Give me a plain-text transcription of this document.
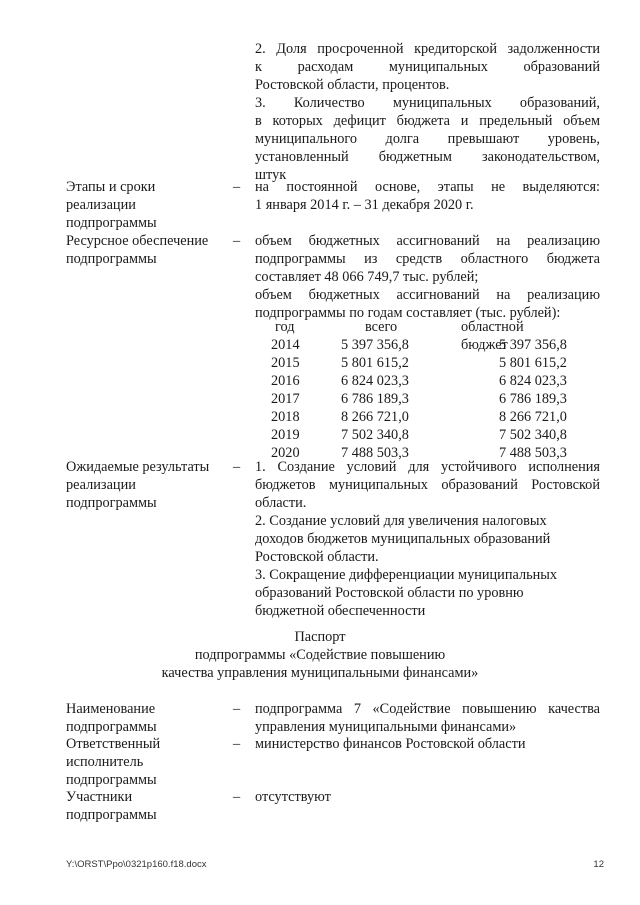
2. Доля просроченной кредиторской задолженности
к расходам муниципальных образований
Ростовской области, процентов.
3. Количество муниципальных образований,
в которых дефицит бюджета и предельный объем
муниципального долга превышают уровень,
установленный бюджетным законодательством,
штук
Этапы и сроки
реализации
подпрограммы
–	на постоянной основе, этапы не выделяются:
1 января 2014 г. – 31 декабря 2020 г.
Ресурсное обеспечение
подпрограммы
–	объем бюджетных ассигнований на реализацию
подпрограммы из средств областного бюджета
составляет 48 066 749,7 тыс. рублей;
объем бюджетных ассигнований на реализацию
подпрограммы по годам составляет (тыс. рублей):
год	всего	областной бюджет
2014	5 397 356,8	5 397 356,8
2015	5 801 615,2	5 801 615,2
2016	6 824 023,3	6 824 023,3
2017	6 786 189,3	6 786 189,3
2018	8 266 721,0	8 266 721,0
2019	7 502 340,8	7 502 340,8
2020	7 488 503,3	7 488 503,3
Ожидаемые результаты
реализации
подпрограммы
–	1. Создание условий для устойчивого исполнения
бюджетов муниципальных образований Ростовской
области.
2. Создание условий для увеличения налоговых
доходов бюджетов муниципальных образований
Ростовской области.
3. Сокращение дифференциации муниципальных
образований Ростовской области по уровню
бюджетной обеспеченности
Паспорт
подпрограммы «Содействие повышению
качества управления муниципальными финансами»
Наименование
подпрограммы
–	подпрограмма 7 «Содействие повышению качества
управления муниципальными финансами»
Ответственный
исполнитель
подпрограммы
–	министерство финансов Ростовской области
Участники
подпрограммы
–	отсутствуют
Y:\ORST\Ppo\0321p160.f18.docx	12
